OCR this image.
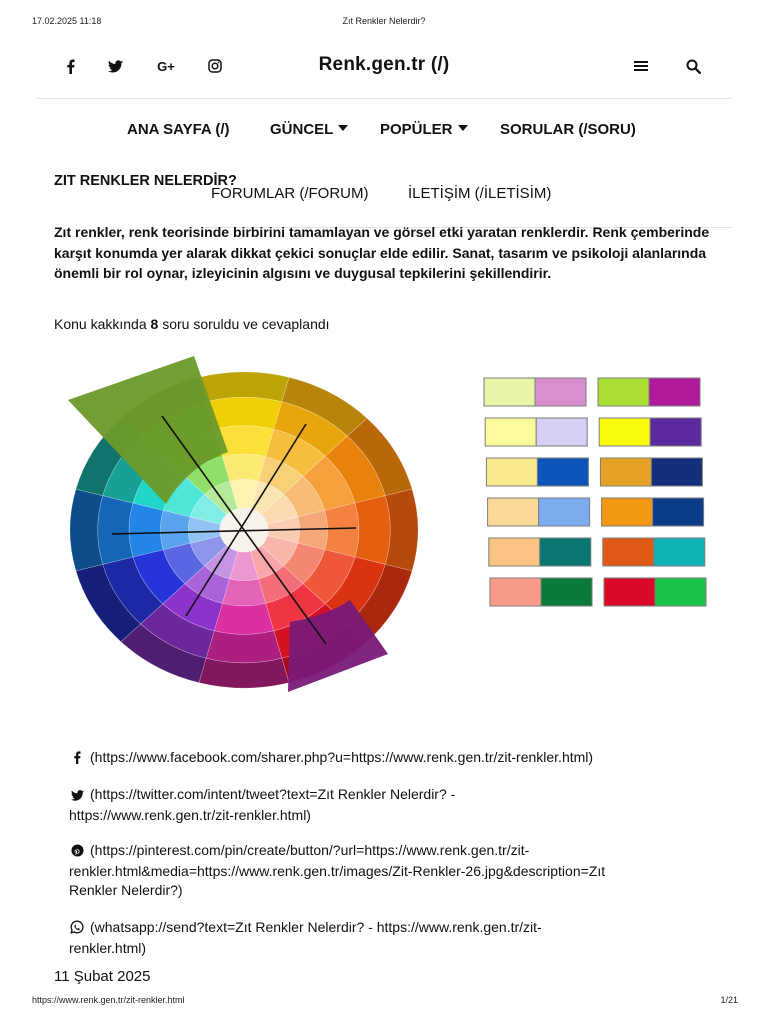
17.02.2025 11:18	Zıt Renkler Nelerdir?
G+	Renk.gen.tr (/)
ANA SAYFA (/)	GÜNCEL	POPÜLER	SORULAR (/SORU)
ZIT RENKLER NELERDİR?
FORUMLAR (/FORUM)	İLETİŞİM (/İLETİSİM)
Zıt renkler, renk teorisinde birbirini tamamlayan ve görsel etki yaratan renklerdir. Renk çemberinde karşıt konumda yer alarak dikkat çekici sonuçlar elde edilir. Sanat, tasarım ve psikoloji alanlarında önemli bir rol oynar, izleyicinin algısını ve duygusal tepkilerini şekillendirir.
Konu kakkında 8 soru soruldu ve cevaplandı
(https://www.facebook.com/sharer.php?u=https://www.renk.gen.tr/zit-renkler.html)
(https://twitter.com/intent/tweet?text=Zıt Renkler Nelerdir? -
https://www.renk.gen.tr/zit-renkler.html)
(https://pinterest.com/pin/create/button/?url=https://www.renk.gen.tr/zit-
renkler.html&media=https://www.renk.gen.tr/images/Zit-Renkler-26.jpg&description=Zıt
Renkler Nelerdir?)
(whatsapp://send?text=Zıt Renkler Nelerdir? - https://www.renk.gen.tr/zit-
renkler.html)
11 Şubat 2025
https://www.renk.gen.tr/zit-renkler.html	1/21
